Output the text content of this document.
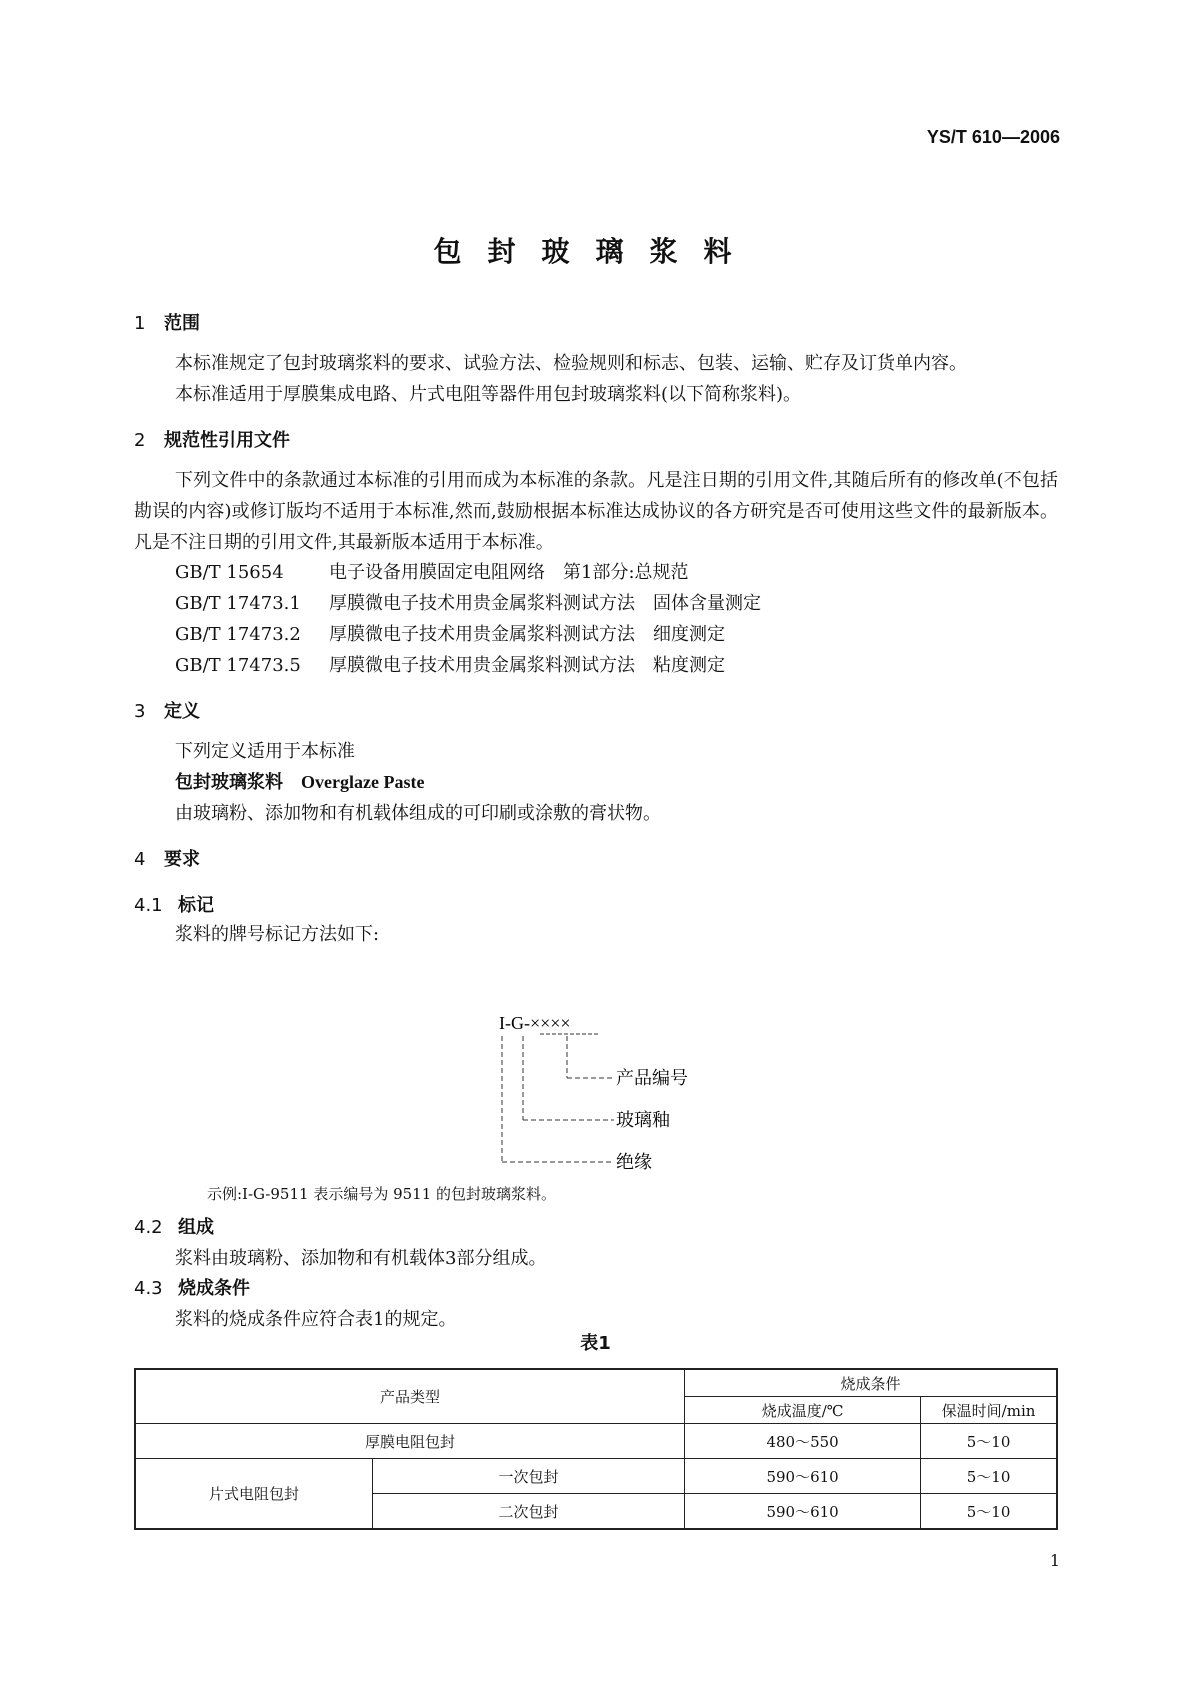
YS/T 610—2006
包封玻璃浆料
1 范围
本标准规定了包封玻璃浆料的要求、试验方法、检验规则和标志、包装、运输、贮存及订货单内容。
本标准适用于厚膜集成电路、片式电阻等器件用包封玻璃浆料(以下简称浆料)。
2 规范性引用文件
下列文件中的条款通过本标准的引用而成为本标准的条款。凡是注日期的引用文件,其随后所有的修改单(不包括勘误的内容)或修订版均不适用于本标准,然而,鼓励根据本标准达成协议的各方研究是否可使用这些文件的最新版本。凡是不注日期的引用文件,其最新版本适用于本标准。
GB/T 15654	电子设备用膜固定电阻网络　第1部分:总规范
GB/T 17473.1 厚膜微电子技术用贵金属浆料测试方法　固体含量测定
GB/T 17473.2 厚膜微电子技术用贵金属浆料测试方法　细度测定
GB/T 17473.5 厚膜微电子技术用贵金属浆料测试方法　粘度测定
3 定义
下列定义适用于本标准
包封玻璃浆料 Overglaze Paste
由玻璃粉、添加物和有机载体组成的可印刷或涂敷的膏状物。
4 要求
4.1 标记
浆料的牌号标记方法如下:
I-G-××××
产品编号
玻璃釉
绝缘
示例:I-G-9511 表示编号为 9511 的包封玻璃浆料。
4.2 组成
浆料由玻璃粉、添加物和有机载体3部分组成。
4.3 烧成条件
浆料的烧成条件应符合表1的规定。
表1
产品类型		烧成条件	
		烧成温度/℃	保温时间/min
厚膜电阻包封		480～550	5～10
片式电阻包封	一次包封	590～610	5～10
	二次包封	590～610	5～10
1
